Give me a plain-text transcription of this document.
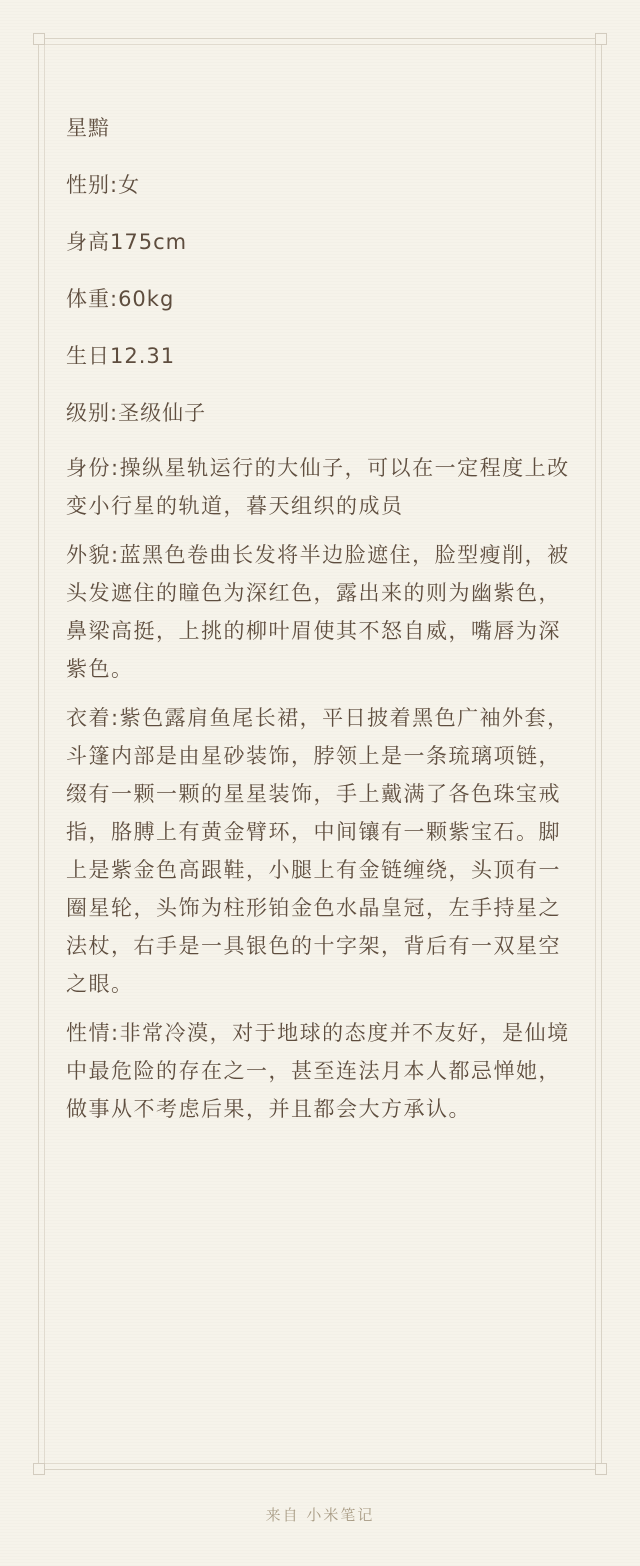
星黯
性别:女
身高175cm
体重:60kg
生日12.31
级别:圣级仙子
身份:操纵星轨运行的大仙子，可以在一定程度上改变小行星的轨道，暮天组织的成员
外貌:蓝黑色卷曲长发将半边脸遮住，脸型瘦削，被头发遮住的瞳色为深红色，露出来的则为幽紫色，鼻梁高挺，上挑的柳叶眉使其不怒自威，嘴唇为深紫色。
衣着:紫色露肩鱼尾长裙，平日披着黑色广袖外套，斗篷内部是由星砂装饰，脖领上是一条琉璃项链，缀有一颗一颗的星星装饰，手上戴满了各色珠宝戒指，胳膊上有黄金臂环，中间镶有一颗紫宝石。脚上是紫金色高跟鞋，小腿上有金链缠绕，头顶有一圈星轮，头饰为柱形铂金色水晶皇冠，左手持星之法杖，右手是一具银色的十字架，背后有一双星空之眼。
性情:非常冷漠，对于地球的态度并不友好，是仙境中最危险的存在之一，甚至连法月本人都忌惮她，做事从不考虑后果，并且都会大方承认。
来自 小米笔记
